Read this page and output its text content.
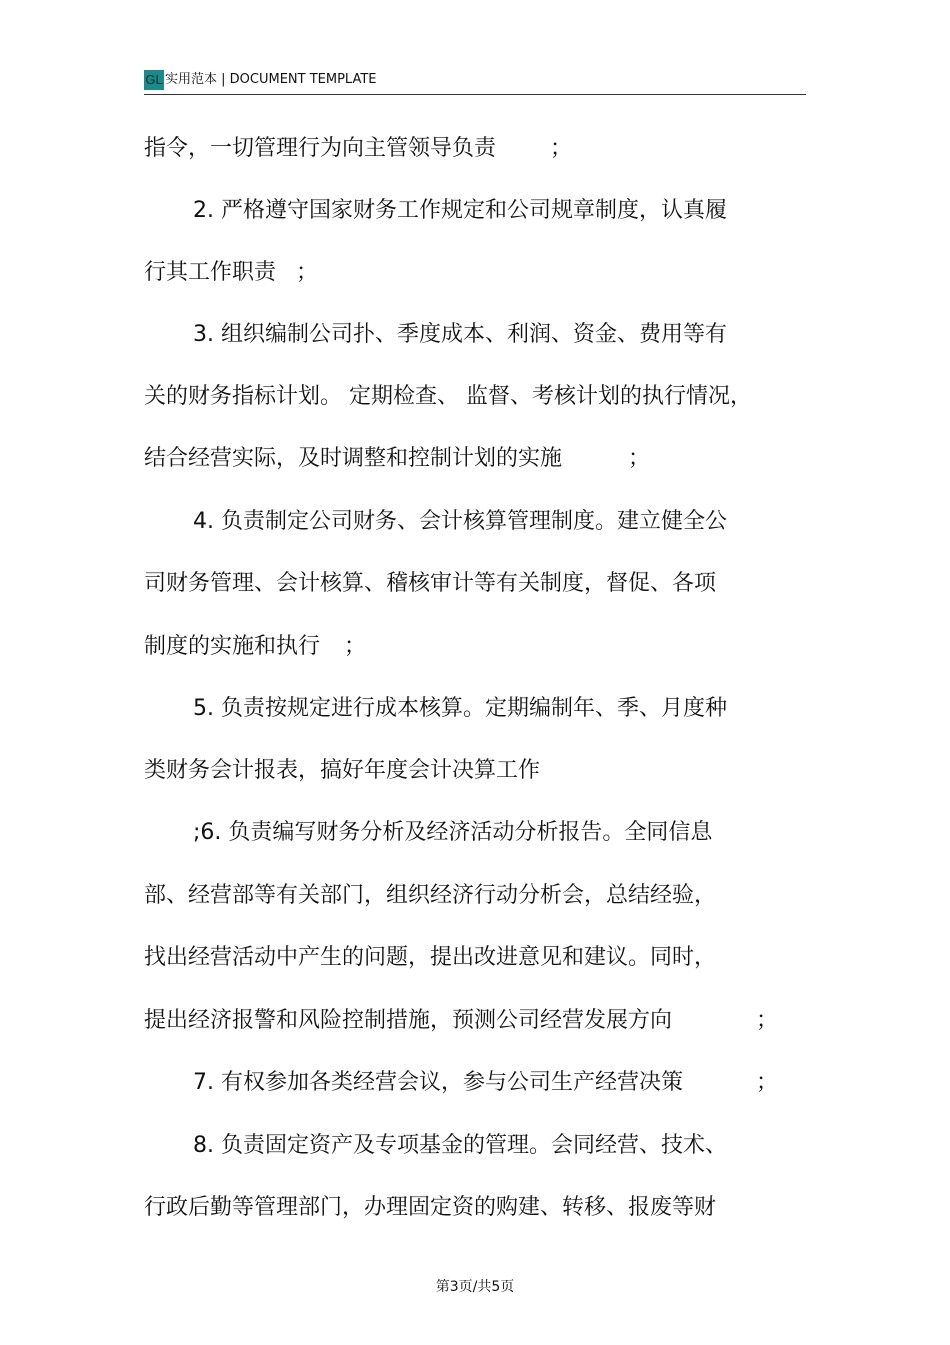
GL 实用范本 | DOCUMENT TEMPLATE
指令，一切管理行为向主管领导负责 ；
2. 严格遵守国家财务工作规定和公司规章制度，认真履
行其工作职责 ；
3. 组织编制公司扑、季度成本、利润、资金、费用等有
关的财务指标计划。 定期检查、 监督、考核计划的执行情况，
结合经营实际，及时调整和控制计划的实施	；
4. 负责制定公司财务、会计核算管理制度。建立健全公
司财务管理、会计核算、稽核审计等有关制度，督促、各项
制度的实施和执行 ；
5. 负责按规定进行成本核算。定期编制年、季、月度种
类财务会计报表，搞好年度会计决算工作
;6. 负责编写财务分析及经济活动分析报告。全同信息
部、经营部等有关部门，组织经济行动分析会，总结经验，
找出经营活动中产生的问题，提出改进意见和建议。同时，
提出经济报警和风险控制措施，预测公司经营发展方向	；
7. 有权参加各类经营会议，参与公司生产经营决策	；
8. 负责固定资产及专项基金的管理。会同经营、技术、
行政后勤等管理部门，办理固定资的购建、转移、报废等财
第3页/共5页
